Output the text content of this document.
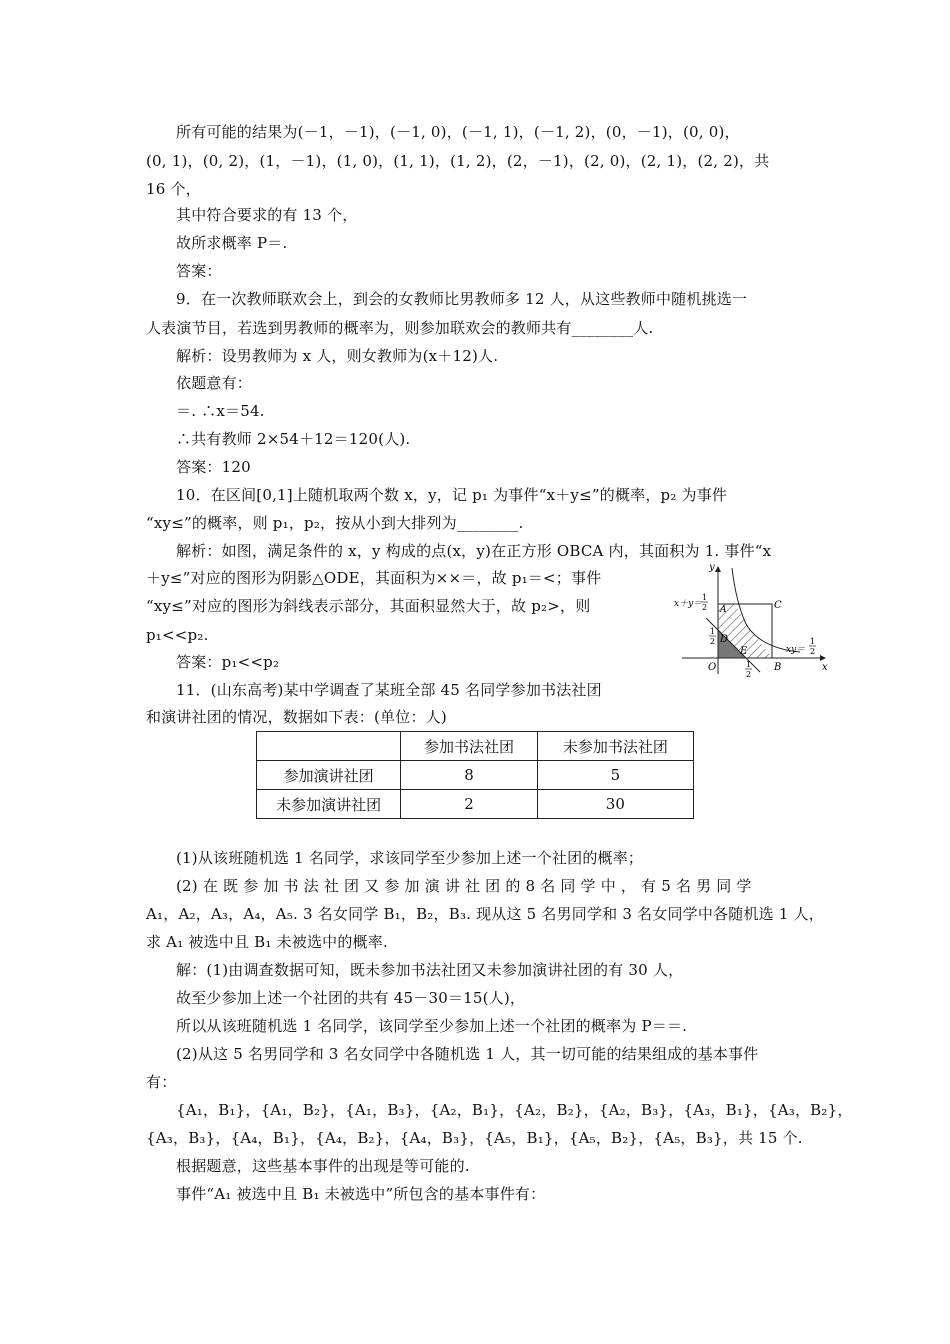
所有可能的结果为(－1，－1)，(－1, 0)，(－1, 1)，(－1, 2)，(0，－1)，(0, 0)，
(0, 1)，(0, 2)，(1，－1)，(1, 0)，(1, 1)，(1, 2)，(2，－1)，(2, 0)，(2, 1)，(2, 2)，共
16 个，
其中符合要求的有 13 个，
故所求概率 P＝.
答案：
9．在一次教师联欢会上，到会的女教师比男教师多 12 人，从这些教师中随机挑选一
人表演节目，若选到男教师的概率为，则参加联欢会的教师共有________人.
解析：设男教师为 x 人，则女教师为(x＋12)人.
依题意有：
＝. ∴x＝54.
∴共有教师 2×54＋12＝120(人).
答案：120
10．在区间[0,1]上随机取两个数 x，y，记 p₁ 为事件“x＋y≤”的概率，p₂ 为事件
“xy≤”的概率，则 p₁，p₂，按从小到大排列为________.
解析：如图，满足条件的 x，y 构成的点(x，y)在正方形 OBCA 内，其面积为 1. 事件“x
＋y≤”对应的图形为阴影△ODE，其面积为××＝，故 p₁＝<；事件
“xy≤”对应的图形为斜线表示部分，其面积显然大于，故 p₂>，则
p₁<<p₂.
答案：p₁<<p₂
11．(山东高考)某中学调查了某班全部 45 名同学参加书法社团
和演讲社团的情况，数据如下表：(单位：人)
y
x
O
A
B
C
D
E
x＋y＝
1
2
1
2
1
2
xy＝
1
2
	参加书法社团	未参加书法社团
参加演讲社团	8	5
未参加演讲社团	2	30
(1)从该班随机选 1 名同学，求该同学至少参加上述一个社团的概率；
(2) 在 既 参 加 书 法 社 团 又 参 加 演 讲 社 团 的 8 名 同 学 中 ， 有 5 名 男 同 学
A₁，A₂，A₃，A₄，A₅. 3 名女同学 B₁，B₂，B₃. 现从这 5 名男同学和 3 名女同学中各随机选 1 人，
求 A₁ 被选中且 B₁ 未被选中的概率.
解：(1)由调查数据可知，既未参加书法社团又未参加演讲社团的有 30 人，
故至少参加上述一个社团的共有 45－30＝15(人)，
所以从该班随机选 1 名同学，该同学至少参加上述一个社团的概率为 P＝＝.
(2)从这 5 名男同学和 3 名女同学中各随机选 1 人，其一切可能的结果组成的基本事件
有：
{A₁，B₁}，{A₁，B₂}，{A₁，B₃}，{A₂，B₁}，{A₂，B₂}，{A₂，B₃}，{A₃，B₁}，{A₃，B₂}，
{A₃，B₃}，{A₄，B₁}，{A₄，B₂}，{A₄，B₃}，{A₅，B₁}，{A₅，B₂}，{A₅，B₃}，共 15 个.
根据题意，这些基本事件的出现是等可能的.
事件“A₁ 被选中且 B₁ 未被选中”所包含的基本事件有：
